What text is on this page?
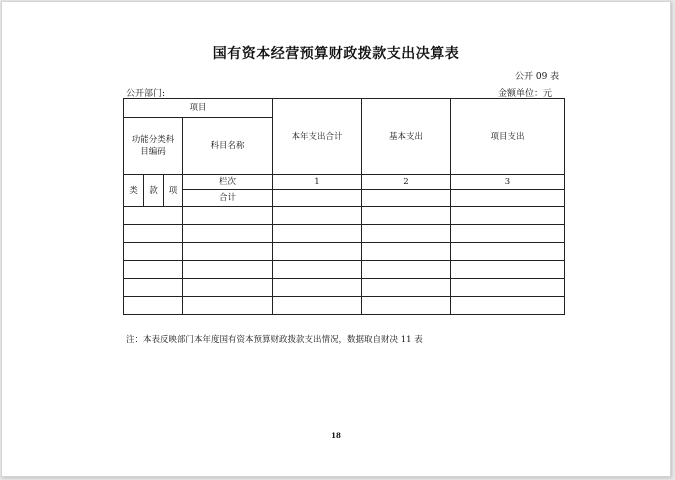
国有资本经营预算财政拨款支出决算表
公开 09 表
公开部门:	金额单位：元
项目				本年支出合计	基本支出	项目支出
功能分类科目编码			科目名称			
类	款	项	栏次	1	2	3
			合计			

注：本表反映部门本年度国有资本预算财政拨款支出情况，数据取自财决 11 表
18
